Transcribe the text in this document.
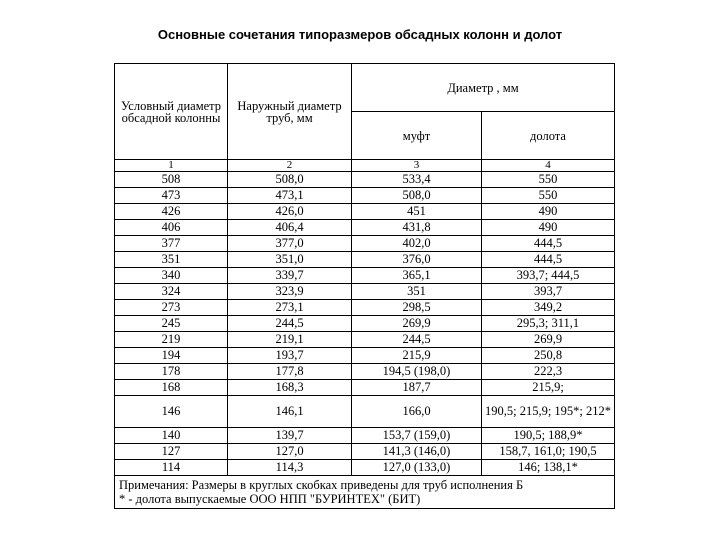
Основные сочетания типоразмеров обсадных колонн и долот
Условный диаметр обсадной колонны	Наружный диаметр труб, мм	Диаметр , мм	
		муфт	долота
1	2	3	4
508	508,0	533,4	550
473	473,1	508,0	550
426	426,0	451	490
406	406,4	431,8	490
377	377,0	402,0	444,5
351	351,0	376,0	444,5
340	339,7	365,1	393,7; 444,5
324	323,9	351	393,7
273	273,1	298,5	349,2
245	244,5	269,9	295,3; 311,1
219	219,1	244,5	269,9
194	193,7	215,9	250,8
178	177,8	194,5 (198,0)	222,3
168	168,3	187,7	215,9;
146	146,1	166,0	190,5; 215,9; 195*; 212*
140	139,7	153,7 (159,0)	190,5; 188,9*
127	127,0	141,3 (146,0)	158,7, 161,0; 190,5
114	114,3	127,0 (133,0)	146; 138,1*

Примечания: Размеры в круглых скобках приведены для труб исполнения Б
* - долота выпускаемые ООО НПП "БУРИНТЕХ" (БИТ)			
